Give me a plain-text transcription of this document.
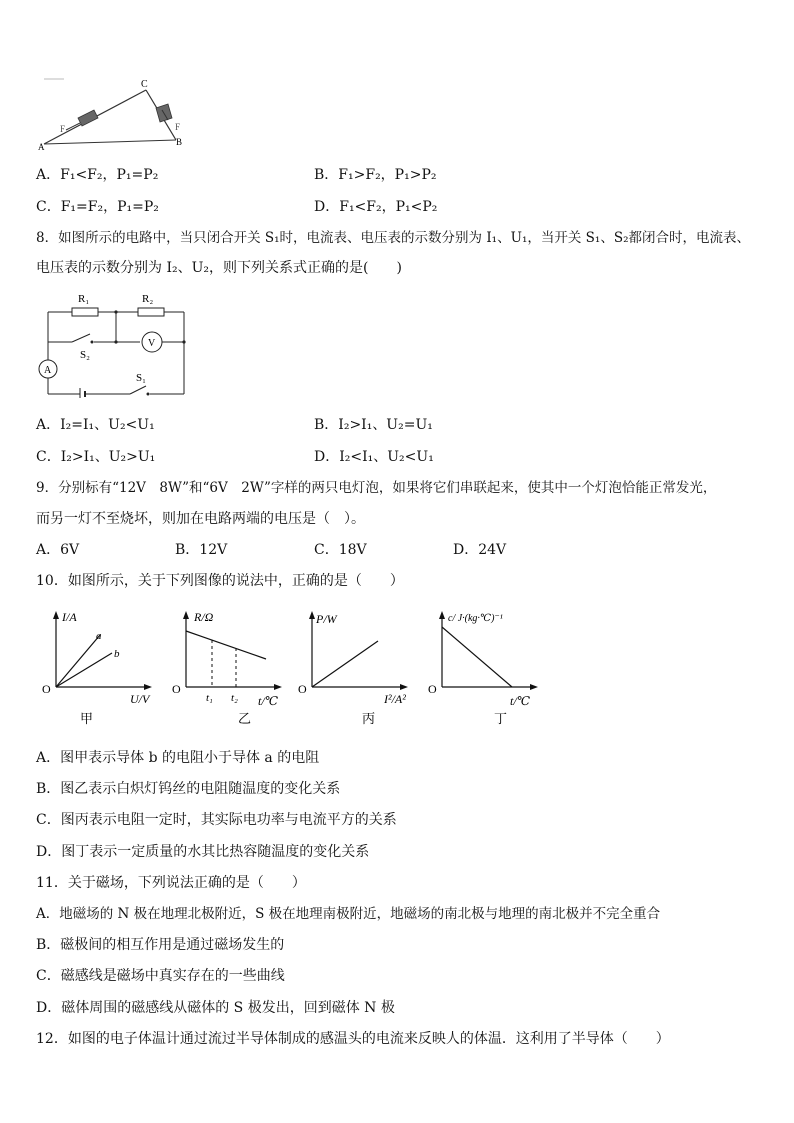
C
A	B
F	F
A．F₁<F₂，P₁=P₂	B．F₁>F₂，P₁>P₂
C．F₁=F₂，P₁=P₂	D．F₁<F₂，P₁<P₂
8．如图所示的电路中，当只闭合开关 S₁时，电流表、电压表的示数分别为 I₁、U₁，当开关 S₁、S₂都闭合时，电流表、
电压表的示数分别为 I₂、U₂，则下列关系式正确的是(　　)
R₁	R₂
A
V
S₂
S₁
A．I₂=I₁、U₂<U₁	B．I₂>I₁、U₂=U₁
C．I₂>I₁、U₂>U₁	D．I₂<I₁、U₂<U₁
9．分别标有“12V　8W”和“6V　2W”字样的两只电灯泡，如果将它们串联起来，使其中一个灯泡恰能正常发光，
而另一灯不至烧坏，则加在电路两端的电压是（　）。
A．6V	B．12V	C．18V	D．24V
10．如图所示，关于下列图像的说法中，正确的是（　　）
I/A
U/V
O
a
b
甲
R/Ω
t/℃
O
t₁ t₂
乙
P/W
I²/A²
O
丙
c/ J·(kg·℃)⁻¹
t/℃
O
丁
A．图甲表示导体 b 的电阻小于导体 a 的电阻
B．图乙表示白炽灯钨丝的电阻随温度的变化关系
C．图丙表示电阻一定时，其实际电功率与电流平方的关系
D．图丁表示一定质量的水其比热容随温度的变化关系
11．关于磁场，下列说法正确的是（　　）
A．地磁场的 N 极在地理北极附近，S 极在地理南极附近，地磁场的南北极与地理的南北极并不完全重合
B．磁极间的相互作用是通过磁场发生的
C．磁感线是磁场中真实存在的一些曲线
D．磁体周围的磁感线从磁体的 S 极发出，回到磁体 N 极
12．如图的电子体温计通过流过半导体制成的感温头的电流来反映人的体温．这利用了半导体（　　）
